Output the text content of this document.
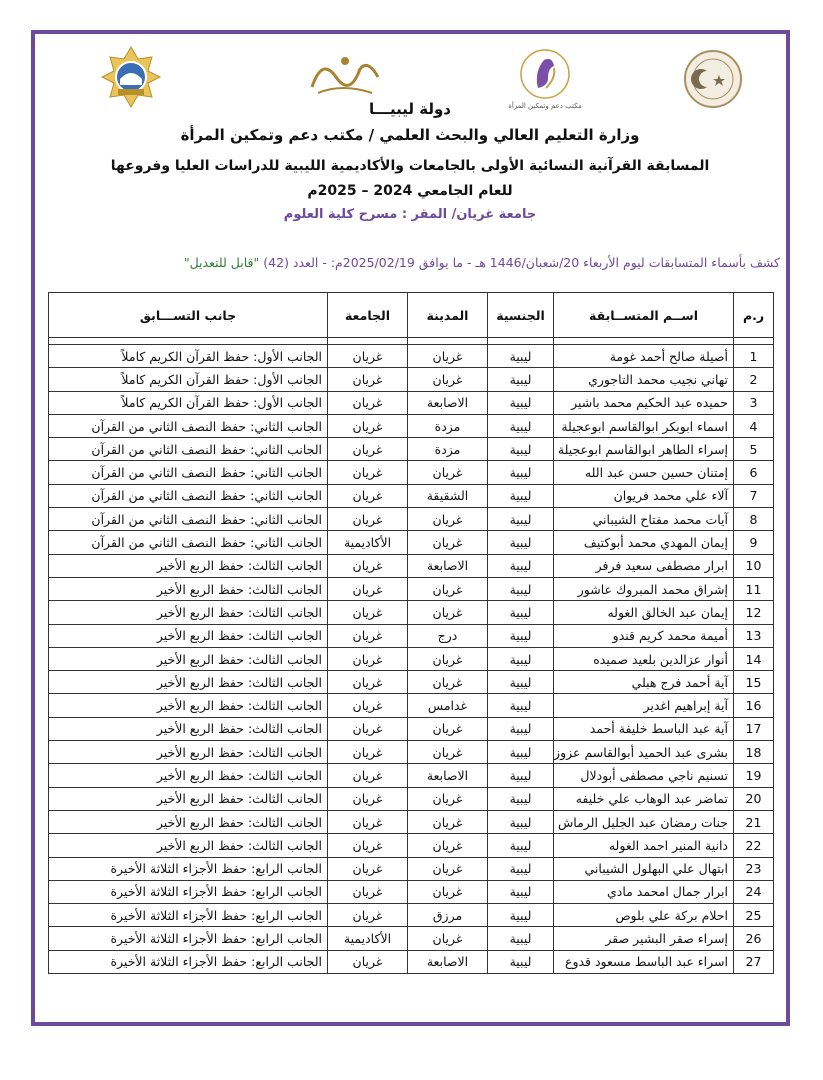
مكتب دعم وتمكين المرأة
دولة ليبيـــا
وزارة التعليم العالي والبحث العلمي / مكتب دعم وتمكين المرأة
المسابقة القرآنية النسائية الأولى بالجامعات والأكاديمية الليبية للدراسات العليا وفروعها
للعام الجامعي 2024 – 2025م
جامعة غريان/ المقر : مسرح كلية العلوم
كشف بأسماء المتسابقات ليوم الأربعاء 20/شعبان/1446 هـ - ما يوافق 2025/02/19م: - العدد (42) "قابل للتعديل"
ر.م	اســم المتســابقة	الجنسية	المدينة	الجامعة	جانب التســـابق

1	أصيلة صالح أحمد غومة	ليبية	غريان	غريان	الجانب الأول: حفظ القرآن الكريم كاملاً
2	تهاني نجيب محمد التاجوري	ليبية	غريان	غريان	الجانب الأول: حفظ القرآن الكريم كاملاً
3	حميده عبد الحكيم محمد باشير	ليبية	الاصابعة	غريان	الجانب الأول: حفظ القرآن الكريم كاملاً
4	اسماء ابوبكر ابوالقاسم ابوعجيلة	ليبية	مزدة	غريان	الجانب الثاني: حفظ النصف الثاني من القرآن
5	إسراء الطاهر ابوالقاسم ابوعجيلة	ليبية	مزدة	غريان	الجانب الثاني: حفظ النصف الثاني من القرآن
6	إمتنان حسين حسن عبد الله	ليبية	غريان	غريان	الجانب الثاني: حفظ النصف الثاني من القرآن
7	آلاء علي محمد فريوان	ليبية	الشقيقة	غريان	الجانب الثاني: حفظ النصف الثاني من القرآن
8	آيات محمد مفتاح الشيباني	ليبية	غريان	غريان	الجانب الثاني: حفظ النصف الثاني من القرآن
9	إيمان المهدي محمد أبوكتيف	ليبية	غريان	الأكاديمية	الجانب الثاني: حفظ النصف الثاني من القرآن
10	ابرار مصطفى سعيد فرفر	ليبية	الاصابعة	غريان	الجانب الثالث: حفظ الربع الأخير
11	إشراق محمد المبروك عاشور	ليبية	غريان	غريان	الجانب الثالث: حفظ الربع الأخير
12	إيمان عبد الخالق الغوله	ليبية	غريان	غريان	الجانب الثالث: حفظ الربع الأخير
13	أميمة محمد كريم قندو	ليبية	درج	غريان	الجانب الثالث: حفظ الربع الأخير
14	أنوار عزالدين بلعيد صميده	ليبية	غريان	غريان	الجانب الثالث: حفظ الربع الأخير
15	آية أحمد فرج هبلي	ليبية	غريان	غريان	الجانب الثالث: حفظ الربع الأخير
16	آية إبراهيم اغدير	ليبية	غدامس	غريان	الجانب الثالث: حفظ الربع الأخير
17	آية عبد الباسط خليفة أحمد	ليبية	غريان	غريان	الجانب الثالث: حفظ الربع الأخير
18	بشرى عبد الحميد أبوالقاسم عزوز	ليبية	غريان	غريان	الجانب الثالث: حفظ الربع الأخير
19	تسنيم ناجي مصطفى أبودلال	ليبية	الاصابعة	غريان	الجانب الثالث: حفظ الربع الأخير
20	تماضر عبد الوهاب علي خليفه	ليبية	غريان	غريان	الجانب الثالث: حفظ الربع الأخير
21	جنات رمضان عبد الجليل الرماش	ليبية	غريان	غريان	الجانب الثالث: حفظ الربع الأخير
22	دانية المنير احمد الغوله	ليبية	غريان	غريان	الجانب الثالث: حفظ الربع الأخير
23	ابتهال علي البهلول الشيباني	ليبية	غريان	غريان	الجانب الرابع: حفظ الأجزاء الثلاثة الأخيرة
24	ابرار جمال امحمد مادي	ليبية	غريان	غريان	الجانب الرابع: حفظ الأجزاء الثلاثة الأخيرة
25	احلام بركة علي بلوص	ليبية	مرزق	غريان	الجانب الرابع: حفظ الأجزاء الثلاثة الأخيرة
26	إسراء صقر البشير صقر	ليبية	غريان	الأكاديمية	الجانب الرابع: حفظ الأجزاء الثلاثة الأخيرة
27	اسراء عبد الباسط مسعود قدوع	ليبية	الاصابعة	غريان	الجانب الرابع: حفظ الأجزاء الثلاثة الأخيرة
